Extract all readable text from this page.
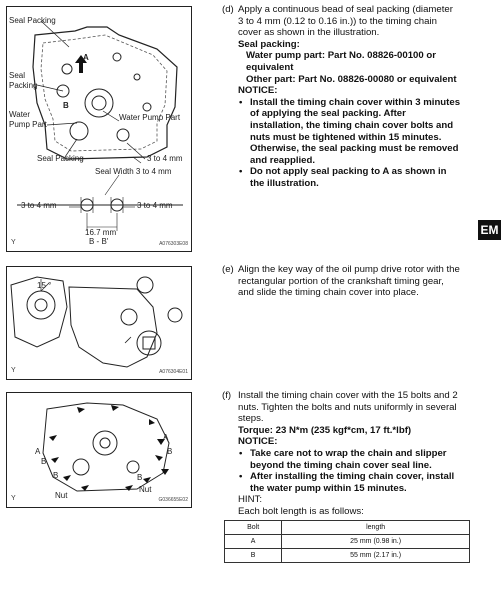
Seal Packing
A
Seal Packing
B
Water Pump Part
Water Pump Part
Seal Packing	3 to 4 mm
Seal Width 3 to 4 mm
3 to 4 mm	3 to 4 mm
16.7 mm
B - B'
Y	A076303E08
15 °
Y	A076304E01
A
B
A
B
B	B
Nut
Nut
Y	G036655E02
EM
(d) Apply a continuous bead of seal packing (diameter
3 to 4 mm (0.12 to 0.16 in.)) to the timing chain
cover as shown in the illustration.
Seal packing:
Water pump part: Part No. 08826-00100 or
equivalent
Other part: Part No. 08826-00080 or equivalent
NOTICE:
• Install the timing chain cover within 3 minutes
of applying the seal packing. After
installation, the timing chain cover bolts and
nuts must be tightened within 15 minutes.
Otherwise, the seal packing must be removed
and reapplied.
• Do not apply seal packing to A as shown in
the illustration.
(e) Align the key way of the oil pump drive rotor with the
rectangular portion of the crankshaft timing gear,
and slide the timing chain cover into place.
(f) Install the timing chain cover with the 15 bolts and 2
nuts. Tighten the bolts and nuts uniformly in several
steps.
Torque: 23 N*m (235 kgf*cm, 17 ft.*lbf)
NOTICE:
• Take care not to wrap the chain and slipper
beyond the timing chain cover seal line.
• After installing the timing chain cover, install
the water pump within 15 minutes.
HINT:
Each bolt length is as follows:
Bolt	length
A	25 mm (0.98 in.)
B	55 mm (2.17 in.)
